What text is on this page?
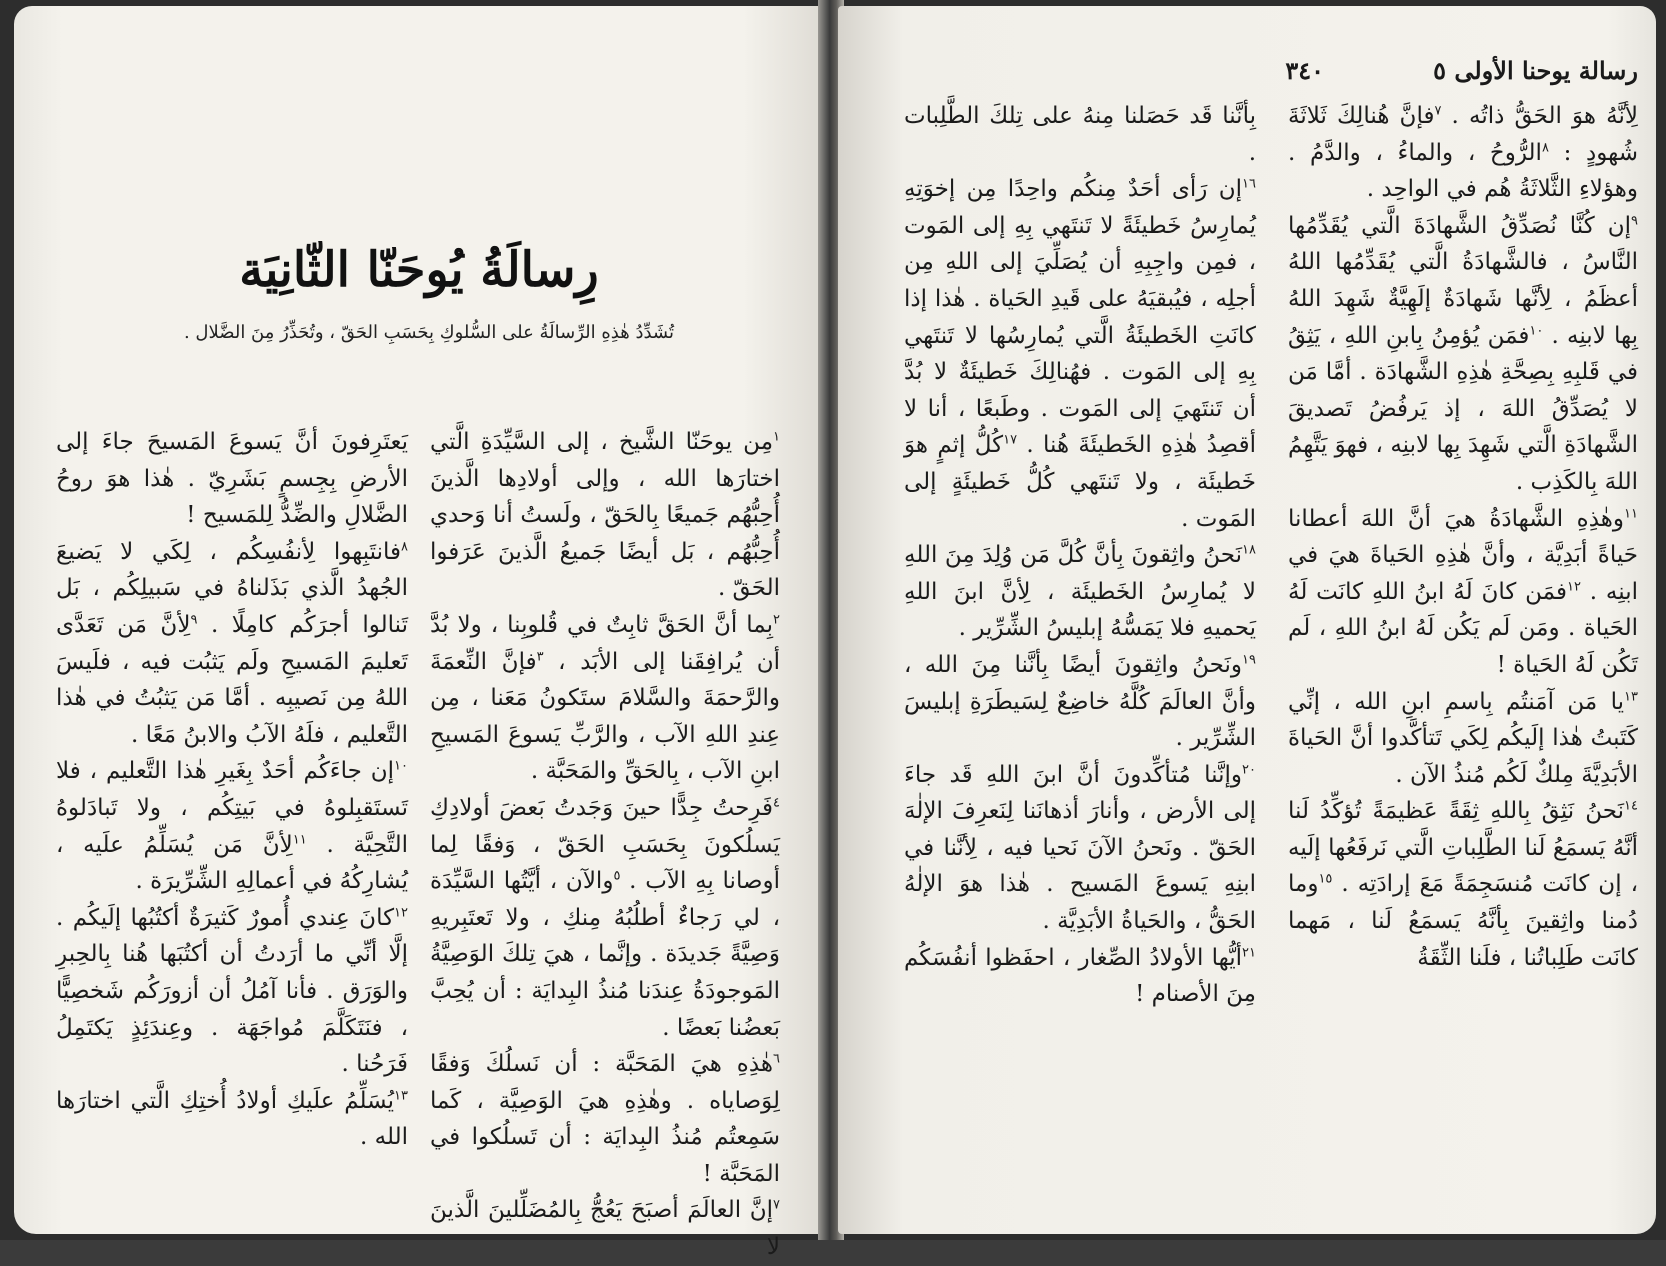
رِسالَةُ يُوحَنّا الثّانِيَة
تُشَدِّدُ هٰذِهِ الرِّسالَةُ على السُّلوكِ بِحَسَبِ الحَقّ ، وتُحَذِّرُ مِنَ الضَّلال .

$^١$مِن يوحَنّا الشَّيخ ، إلى السَّيِّدَةِ الَّتي اختارَها الله ، وإلى أولادِها الَّذينَ أُحِبُّهُم جَميعًا بِالحَقّ ، ولَستُ أنا وَحدي أُحِبُّهُم ، بَل أيضًا جَميعُ الَّذينَ عَرَفوا الحَقّ .

$^٢$بِما أنَّ الحَقَّ ثابِتٌ في قُلوبِنا ، ولا بُدَّ أن يُرافِقَنا إلى الأبَد ، $^٣$فإنَّ النِّعمَةَ والرَّحمَةَ والسَّلامَ ستَكونُ مَعَنا ، مِن عِندِ اللهِ الآب ، والرَّبِّ يَسوعَ المَسيحِ ابنِ الآب ، بِالحَقِّ والمَحَبَّة .

$^٤$فَرِحتُ جِدًّا حينَ وَجَدتُ بَعضَ أولادِكِ يَسلُكونَ بِحَسَبِ الحَقّ ، وَفقًا لِما أوصانا بِهِ الآب . $^٥$والآن ، أيَّتُها السَّيِّدَة ، لي رَجاءٌ أطلُبُهُ مِنكِ ، ولا تَعتَبِريهِ وَصِيَّةً جَديدَة . وإنَّما ، هيَ تِلكَ الوَصِيَّةُ المَوجودَةُ عِندَنا مُنذُ البِدايَة : أن يُحِبَّ بَعضُنا بَعضًا .

$^٦$هٰذِهِ هيَ المَحَبَّة : أن نَسلُكَ وَفقًا لِوَصاياه . وهٰذِهِ هيَ الوَصِيَّة ، كَما سَمِعتُم مُنذُ البِدايَة : أن تَسلُكوا في المَحَبَّة !

$^٧$إنَّ العالَمَ أصبَحَ يَعُجُّ بِالمُضَلِّلينَ الَّذينَ لا

يَعتَرِفونَ أنَّ يَسوعَ المَسيحَ جاءَ إلى الأرضِ بِجِسمٍ بَشَرِيّ . هٰذا هوَ روحُ الضَّلالِ والضِّدُّ لِلمَسيح !

$^٨$فانتَبِهوا لِأنفُسِكُم ، لِكَي لا يَضيعَ الجُهدُ الَّذي بَذَلناهُ في سَبيلِكُم ، بَل تَنالوا أجرَكُم كامِلًا . $^٩$لِأنَّ مَن تَعَدَّى تَعليمَ المَسيحِ ولَم يَثبُت فيه ، فلَيسَ اللهُ مِن نَصيبِه . أمَّا مَن يَثبُتُ في هٰذا التَّعليم ، فلَهُ الآبُ والابنُ مَعًا .

$^{١٠}$إن جاءَكُم أحَدٌ بِغَيرِ هٰذا التَّعليم ، فلا تَستَقبِلوهُ في بَيتِكُم ، ولا تَبادَلوهُ التَّحِيَّة . $^{١١}$لِأنَّ مَن يُسَلِّمُ علَيه ، يُشارِكُهُ في أعمالِهِ الشِّرِّيرَة .

$^{١٢}$كانَ عِندي أُمورٌ كَثيرَةٌ أكتُبُها إلَيكُم . إلَّا أنِّي ما أرَدتُ أن أكتُبَها هُنا بِالحِبرِ والوَرَق . فأنا آمُلُ أن أزورَكُم شَخصِيًّا ، فنَتَكَلَّمَ مُواجَهَة . وعِندَئِذٍ يَكتَمِلُ فَرَحُنا .

$^{١٣}$يُسَلِّمُ علَيكِ أولادُ أُختِكِ الَّتي اختارَها الله .

رسالة يوحنا الأولى ٥
٣٤٠

لِأنَّهُ هوَ الحَقُّ ذاتُه . $^٧$فإنَّ هُنالِكَ ثَلاثَةَ شُهودٍ : $^٨$الرُّوحُ ، والماءُ ، والدَّمُ . وهؤلاءِ الثَّلاثَةُ هُم في الواحِد .

$^٩$إن كُنَّا نُصَدِّقُ الشَّهادَةَ الَّتي يُقَدِّمُها النَّاسُ ، فالشَّهادَةُ الَّتي يُقَدِّمُها اللهُ أعظَمُ ، لِأنَّها شَهادَةٌ إلَهِيَّةٌ شَهِدَ اللهُ بِها لابنِه . $^{١٠}$فمَن يُؤمِنُ بِابنِ اللهِ ، يَثِقُ في قَلبِهِ بِصِحَّةِ هٰذِهِ الشَّهادَة . أمَّا مَن لا يُصَدِّقُ اللهَ ، إذ يَرفُضُ تَصديقَ الشَّهادَةِ الَّتي شَهِدَ بِها لابنِه ، فهوَ يَتَّهِمُ اللهَ بِالكَذِب .

$^{١١}$وهٰذِهِ الشَّهادَةُ هيَ أنَّ اللهَ أعطانا حَياةً أبَدِيَّة ، وأنَّ هٰذِهِ الحَياةَ هيَ في ابنِه . $^{١٢}$فمَن كانَ لَهُ ابنُ اللهِ كانَت لَهُ الحَياة . ومَن لَم يَكُن لَهُ ابنُ اللهِ ، لَم تَكُن لَهُ الحَياة !

$^{١٣}$يا مَن آمَنتُم بِاسمِ ابنِ الله ، إنِّي كَتَبتُ هٰذا إلَيكُم لِكَي تَتأكَّدوا أنَّ الحَياةَ الأبَدِيَّةَ مِلكٌ لَكُم مُنذُ الآن .

$^{١٤}$نَحنُ نَثِقُ بِاللهِ ثِقَةً عَظيمَةً تُؤكِّدُ لَنا أنَّهُ يَسمَعُ لَنا الطَّلِباتِ الَّتي نَرفَعُها إلَيه ، إن كانَت مُنسَجِمَةً مَعَ إرادَتِه . $^{١٥}$وما دُمنا واثِقينَ بِأنَّهُ يَسمَعُ لَنا ، مَهما كانَت طَلِباتُنا ، فلَنا الثِّقَةُ

بِأنَّنا قَد حَصَلنا مِنهُ على تِلكَ الطَّلِبات .

$^{١٦}$إن رَأى أحَدٌ مِنكُم واحِدًا مِن إخوَتِهِ يُمارِسُ خَطيئَةً لا تَنتَهي بِهِ إلى المَوت ، فمِن واجِبِهِ أن يُصَلِّيَ إلى اللهِ مِن أجلِه ، فيُبقيَهُ على قَيدِ الحَياة . هٰذا إذا كانَتِ الخَطيئَةُ الَّتي يُمارِسُها لا تَنتَهي بِهِ إلى المَوت . فهُنالِكَ خَطيئَةٌ لا بُدَّ أن تَنتَهيَ إلى المَوت . وطَبعًا ، أنا لا أقصِدُ هٰذِهِ الخَطيئَةَ هُنا . $^{١٧}$كُلُّ إثمٍ هوَ خَطيئَة ، ولا تَنتَهي كُلُّ خَطيئَةٍ إلى المَوت .

$^{١٨}$نَحنُ واثِقونَ بِأنَّ كُلَّ مَن وُلِدَ مِنَ اللهِ لا يُمارِسُ الخَطيئَة ، لِأنَّ ابنَ اللهِ يَحميهِ فلا يَمَسُّهُ إبليسُ الشِّرِّير .

$^{١٩}$ونَحنُ واثِقونَ أيضًا بِأنَّنا مِنَ الله ، وأنَّ العالَمَ كُلَّهُ خاضِعٌ لِسَيطَرَةِ إبليسَ الشِّرِّير .

$^{٢٠}$وإنَّنا مُتأكِّدونَ أنَّ ابنَ اللهِ قَد جاءَ إلى الأرض ، وأنارَ أذهانَنا لِنَعرِفَ الإلٰهَ الحَقّ . ونَحنُ الآنَ نَحيا فيه ، لِأنَّنا في ابنِهِ يَسوعَ المَسيح . هٰذا هوَ الإلٰهُ الحَقُّ ، والحَياةُ الأبَدِيَّة .

$^{٢١}$أيُّها الأولادُ الصِّغار ، احفَظوا أنفُسَكُم مِنَ الأصنام !
